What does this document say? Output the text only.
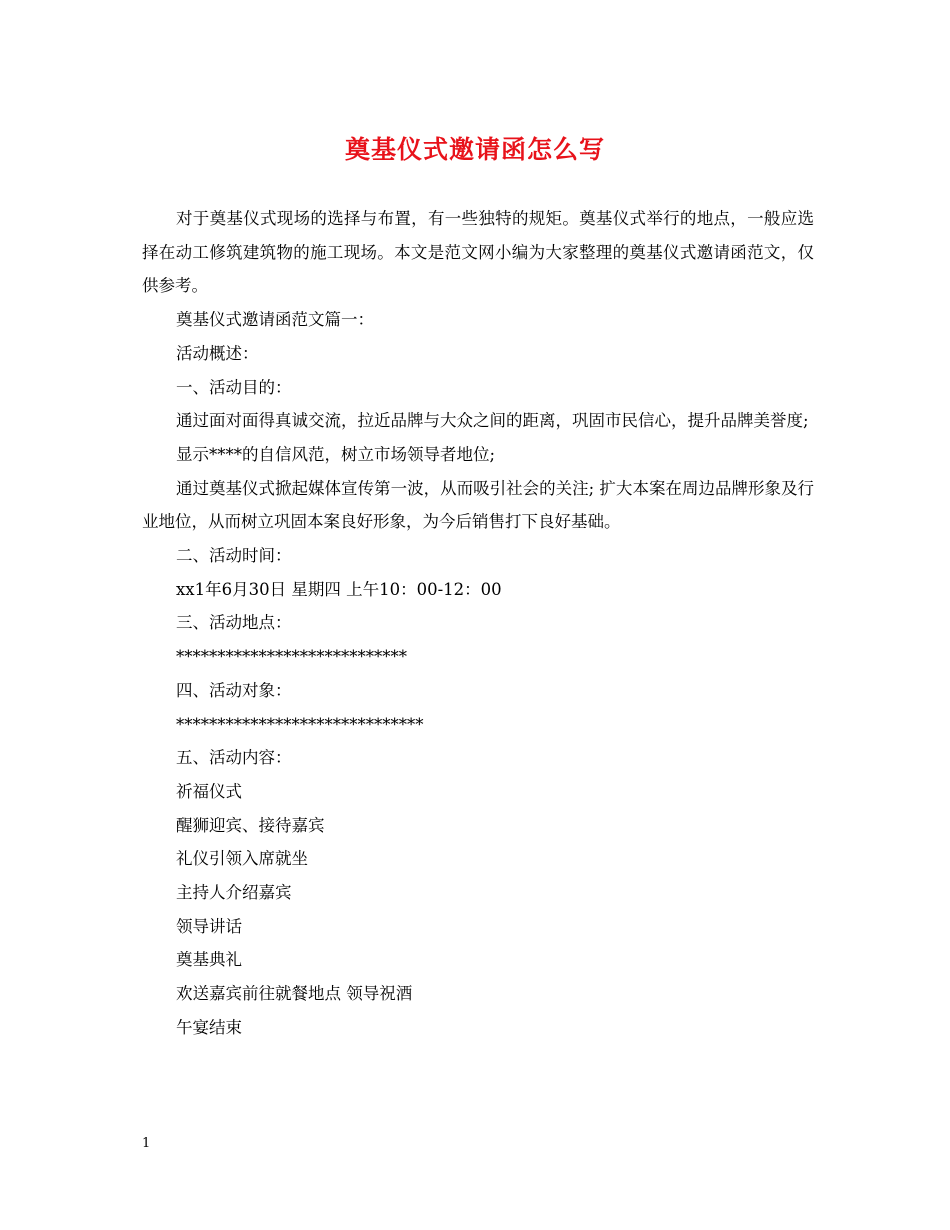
奠基仪式邀请函怎么写

对于奠基仪式现场的选择与布置，有一些独特的规矩。奠基仪式举行的地点，一般应选择在动工修筑建筑物的施工现场。本文是范文网小编为大家整理的奠基仪式邀请函范文，仅供参考。

奠基仪式邀请函范文篇一：

活动概述：

一、活动目的：

通过面对面得真诚交流，拉近品牌与大众之间的距离，巩固市民信心，提升品牌美誉度;

显示****的自信风范，树立市场领导者地位;

通过奠基仪式掀起媒体宣传第一波，从而吸引社会的关注; 扩大本案在周边品牌形象及行业地位，从而树立巩固本案良好形象，为今后销售打下良好基础。

二、活动时间：

xx1年6月30日 星期四 上午10：00-12：00

三、活动地点：

****************************

四、活动对象：

******************************

五、活动内容：

祈福仪式

醒狮迎宾、接待嘉宾

礼仪引领入席就坐

主持人介绍嘉宾

领导讲话

奠基典礼

欢送嘉宾前往就餐地点 领导祝酒

午宴结束

1
